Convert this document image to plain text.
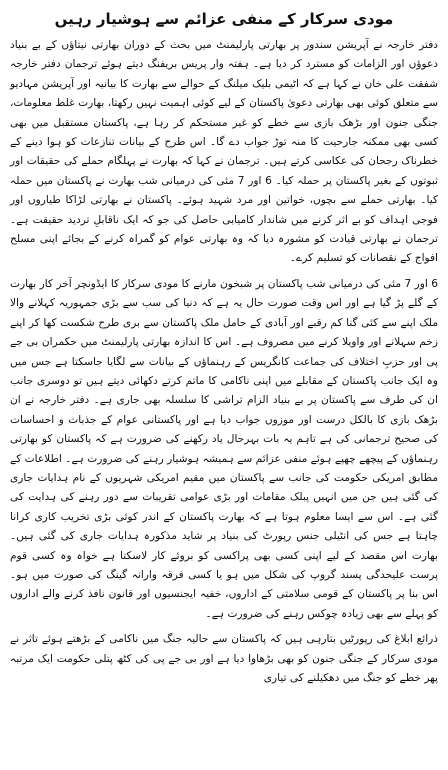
مودی سرکار کے منفی عزائم سے ہوشیار رہیں
دفتر خارجہ نے آپریشن سندور پر بھارتی پارلیمنٹ میں بحث کے دوران بھارتی نیتاؤں کے بے بنیاد دعوؤں اور الزامات کو مسترد کر دیا ہے۔ ہفتہ وار پریس بریفنگ دیتے ہوئے ترجمان دفتر خارجہ شفقت علی خان نے کہا ہے کہ اٹیمی بلیک میلنگ کے حوالے سے بھارت کا بیانیہ اور آپریشن مہادیو سے متعلق کوئی بھی بھارتی دعویٰ پاکستان کے لیے کوئی اہمیت نہیں رکھتا، بھارت غلط معلومات، جنگی جنون اور بڑھک بازی سے خطے کو غیر مستحکم کر رہا ہے، پاکستان مستقبل میں بھی کسی بھی ممکنہ جارحیت کا منہ توڑ جواب دے گا۔ اس طرح کے بیانات تنازعات کو ہوا دینے کے خطرناک رجحان کی عکاسی کرتے ہیں۔ ترجمان نے کہا کہ بھارت نے پہلگام حملے کی حقیقات اور ثبوتوں کے بغیر پاکستان پر حملہ کیا۔ 6 اور 7 مئی کی درمیانی شب بھارت نے پاکستان میں حملہ کیا۔ بھارتی حملے سے بچوں، خواتین اور مرد شہید ہوئے۔ پاکستان نے بھارتی لڑاکا طیاروں اور فوجی اہداف کو بے اثر کرنے میں شاندار کامیابی حاصل کی جو کہ ایک ناقابلِ تردید حقیقت ہے۔ ترجمان نے بھارتی قیادت کو مشورہ دیا کہ وہ بھارتی عوام کو گمراہ کرنے کے بجائے اپنی مسلح افواج کے نقصانات کو تسلیم کرے۔
6 اور 7 مئی کی درمیانی شب پاکستان پر شبخون مارنے کا مودی سرکار کا ایڈونچر آخر کار بھارت کے گلے پڑ گیا ہے اور اس وقت صورت حال یہ ہے کہ دنیا کی سب سے بڑی جمہوریہ کہلانے والا ملک اپنے سے کئی گنا کم رقبے اور آبادی کے حامل ملک پاکستان سے بری طرح شکست کھا کر اپنے زخم سہلانے اور واویلا کرنے میں مصروف ہے۔ اس کا اندازہ بھارتی پارلیمنٹ میں حکمران بی جے پی اور حزبِ اختلاف کی جماعت کانگریس کے رہنماؤں کے بیانات سے لگایا جاسکتا ہے جس میں وہ ایک جانب پاکستان کے مقابلے میں اپنی ناکامی کا ماتم کرتے دکھائی دیتے ہیں تو دوسری جانب ان کی طرف سے پاکستان پر بے بنیاد الزام تراشی کا سلسلہ بھی جاری ہے۔ دفتر خارجہ نے ان بڑھک بازی کا بالکل درست اور موزوں جواب دیا ہے اور پاکستانی عوام کے جذبات و احساسات کی صحیح ترجمانی کی ہے تاہم یہ بات بہرحال یاد رکھنے کی ضرورت ہے کہ پاکستان کو بھارتی رہنماؤں کے پیچھے چھپے ہوئے منفی عزائم سے ہمیشہ ہوشیار رہنے کی ضرورت ہے۔ اطلاعات کے مطابق امریکی حکومت کی جانب سے پاکستان میں مقیم امریکی شہریوں کے نام ہدایات جاری کی گئی ہیں جن میں انہیں پبلک مقامات اور بڑی عوامی تقریبات سے دور رہنے کی ہدایت کی گئی ہے۔ اس سے ایسا معلوم ہوتا ہے کہ بھارت پاکستان کے اندر کوئی بڑی تخریب کاری کرانا چاہتا ہے جس کی انٹیلی جنس رپورٹ کی بنیاد پر شاید مذکورہ ہدایات جاری کی گئی ہیں۔ بھارت اس مقصد کے لیے اپنی کسی بھی پراکسی کو بروئے کار لاسکتا ہے خواہ وہ کسی قوم پرست علیحدگی پسند گروپ کی شکل میں ہو یا کسی فرقہ وارانہ گینگ کی صورت میں ہو۔ اس بنا پر پاکستان کے قومی سلامتی کے اداروں، خفیہ ایجنسیوں اور قانون نافذ کرنے والے اداروں کو پہلے سے بھی زیادہ چوکس رہنے کی ضرورت ہے۔
ذرائع ابلاغ کی رپورٹیں بتارہی ہیں کہ پاکستان سے حالیہ جنگ میں ناکامی کے بڑھتے ہوئے تاثر نے مودی سرکار کے جنگی جنون کو بھی بڑھاوا دیا ہے اور بی جے پی کی کٹھ پتلی حکومت ایک مرتبہ پھر خطے کو جنگ میں دھکیلنے کی تیاری
